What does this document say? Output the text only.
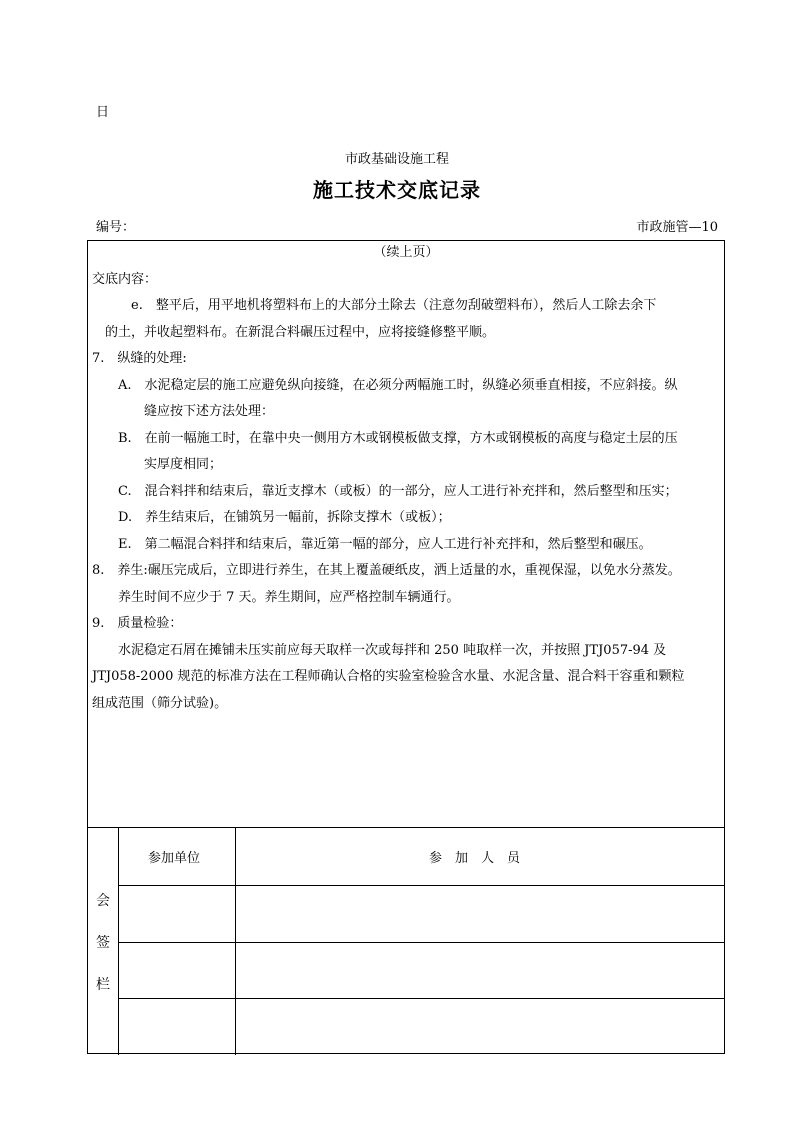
日
市政基础设施工程
施工技术交底记录
编号：	市政施管—10
（续上页）
交底内容：
　　　e.　整平后，用平地机将塑料布上的大部分土除去（注意勿刮破塑料布），然后人工除去余下
　的土，并收起塑料布。在新混合料碾压过程中，应将接缝修整平顺。
7.　纵缝的处理:
　　A.　水泥稳定层的施工应避免纵向接缝，在必须分两幅施工时，纵缝必须垂直相接，不应斜接。纵
　　　　缝应按下述方法处理：
　　B.　在前一幅施工时，在靠中央一侧用方木或钢模板做支撑，方木或钢模板的高度与稳定土层的压
　　　　实厚度相同；
　　C.　混合料拌和结束后，靠近支撑木（或板）的一部分，应人工进行补充拌和，然后整型和压实；
　　D.　养生结束后，在铺筑另一幅前，拆除支撑木（或板）；
　　E.　第二幅混合料拌和结束后，靠近第一幅的部分，应人工进行补充拌和，然后整型和碾压。
8.　养生:碾压完成后，立即进行养生，在其上覆盖硬纸皮，洒上适量的水，重视保湿，以免水分蒸发。
　　养生时间不应少于 7 天。养生期间，应严格控制车辆通行。
9.　质量检验：
　　水泥稳定石屑在摊铺未压实前应每天取样一次或每拌和 250 吨取样一次，并按照 JTJ057-94 及
JTJ058-2000 规范的标准方法在工程师确认合格的实验室检验含水量、水泥含量、混合料干容重和颗粒
组成范围（筛分试验)。
会
签
栏
参加单位	参　加　人　员
